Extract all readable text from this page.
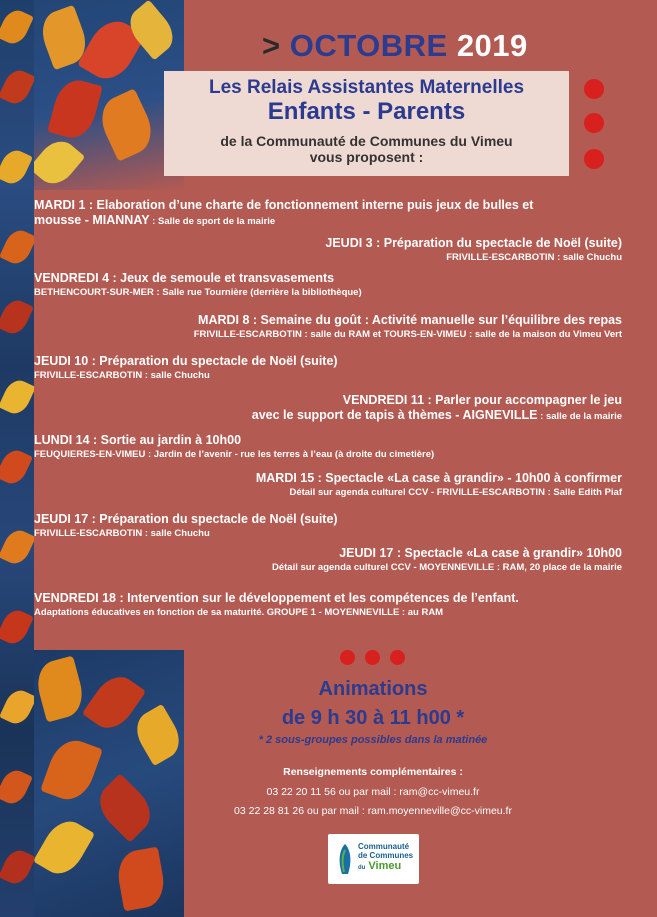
> OCTOBRE 2019
Les Relais Assistantes Maternelles
Enfants - Parents
de la Communauté de Communes du Vimeu
vous proposent :
MARDI 1 : Elaboration d’une charte de fonctionnement interne puis jeux de bulles et
mousse - MIANNAY : Salle de sport de la mairie
JEUDI 3 : Préparation du spectacle de Noël (suite)
FRIVILLE-ESCARBOTIN : salle Chuchu
VENDREDI 4 : Jeux de semoule et transvasements
BETHENCOURT-SUR-MER : Salle rue Tournière (derrière la bibliothèque)
MARDI 8 : Semaine du goût : Activité manuelle sur l’équilibre des repas
FRIVILLE-ESCARBOTIN : salle du RAM et TOURS-EN-VIMEU : salle de la maison du Vimeu Vert
JEUDI 10 : Préparation du spectacle de Noël (suite)
FRIVILLE-ESCARBOTIN : salle Chuchu
VENDREDI 11 : Parler pour accompagner le jeu
avec le support de tapis à thèmes - AIGNEVILLE : salle de la mairie
LUNDI 14 : Sortie au jardin à 10h00
FEUQUIERES-EN-VIMEU : Jardin de l’avenir - rue les terres à l’eau (à droite du cimetière)
MARDI 15 : Spectacle «La case à grandir» - 10h00 à confirmer
Détail sur agenda culturel CCV - FRIVILLE-ESCARBOTIN : Salle Edith Piaf
JEUDI 17 : Préparation du spectacle de Noël (suite)
FRIVILLE-ESCARBOTIN : salle Chuchu
JEUDI 17 : Spectacle «La case à grandir» 10h00
Détail sur agenda culturel CCV - MOYENNEVILLE : RAM, 20 place de la mairie
VENDREDI 18 : Intervention sur le développement et les compétences de l’enfant.
Adaptations éducatives en fonction de sa maturité. GROUPE 1 - MOYENNEVILLE : au RAM
Animations
de 9 h 30 à 11 h00 *
* 2 sous-groupes possibles dans la matinée
Renseignements complémentaires :
03 22 20 11 56 ou par mail : ram@cc-vimeu.fr
03 22 28 81 26 ou par mail : ram.moyenneville@cc-vimeu.fr
Communauté
de Communes
du Vimeu
